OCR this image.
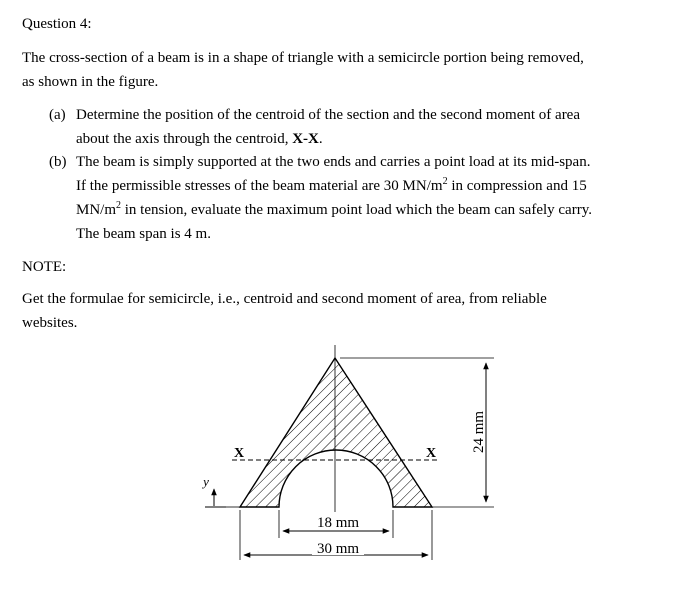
Question 4:
The cross-section of a beam is in a shape of triangle with a semicircle portion being removed,
as shown in the figure.
(a) Determine the position of the centroid of the section and the second moment of area
about the axis through the centroid, X-X.
(b) The beam is simply supported at the two ends and carries a point load at its mid-span.
If the permissible stresses of the beam material are 30 $MN/m^2$ in compression and 15
$MN/m^2$ in tension, evaluate the maximum point load which the beam can safely carry.
The beam span is 4 m.
NOTE:
Get the formulae for semicircle, i.e., centroid and second moment of area, from reliable
websites.
X	X
y
18 mm
30 mm
24 mm
